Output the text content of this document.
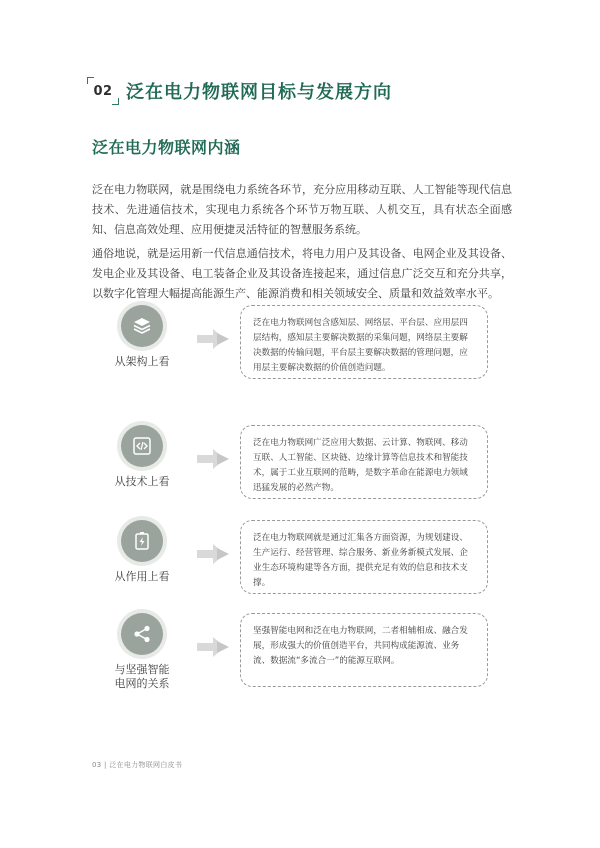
02 泛在电力物联网目标与发展方向
泛在电力物联网内涵
泛在电力物联网，就是围绕电力系统各环节，充分应用移动互联、人工智能等现代信息技术、先进通信技术，实现电力系统各个环节万物互联、人机交互，具有状态全面感知、信息高效处理、应用便捷灵活特征的智慧服务系统。
通俗地说，就是运用新一代信息通信技术，将电力用户及其设备、电网企业及其设备、发电企业及其设备、电工装备企业及其设备连接起来，通过信息广泛交互和充分共享，以数字化管理大幅提高能源生产、能源消费和相关领域安全、质量和效益效率水平。
从架构上看
泛在电力物联网包含感知层、网络层、平台层、应用层四层结构，感知层主要解决数据的采集问题，网络层主要解决数据的传输问题，平台层主要解决数据的管理问题，应用层主要解决数据的价值创造问题。
从技术上看
泛在电力物联网广泛应用大数据、云计算、物联网、移动互联、人工智能、区块链、边缘计算等信息技术和智能技术，属于工业互联网的范畴，是数字革命在能源电力领域迅猛发展的必然产物。
从作用上看
泛在电力物联网就是通过汇集各方面资源，为规划建设、生产运行、经营管理、综合服务、新业务新模式发展、企业生态环境构建等各方面，提供充足有效的信息和技术支撑。
与坚强智能
电网的关系
坚强智能电网和泛在电力物联网，二者相辅相成、融合发展，形成强大的价值创造平台，共同构成能源流、业务流、数据流“多流合一”的能源互联网。
03 | 泛在电力物联网白皮书
